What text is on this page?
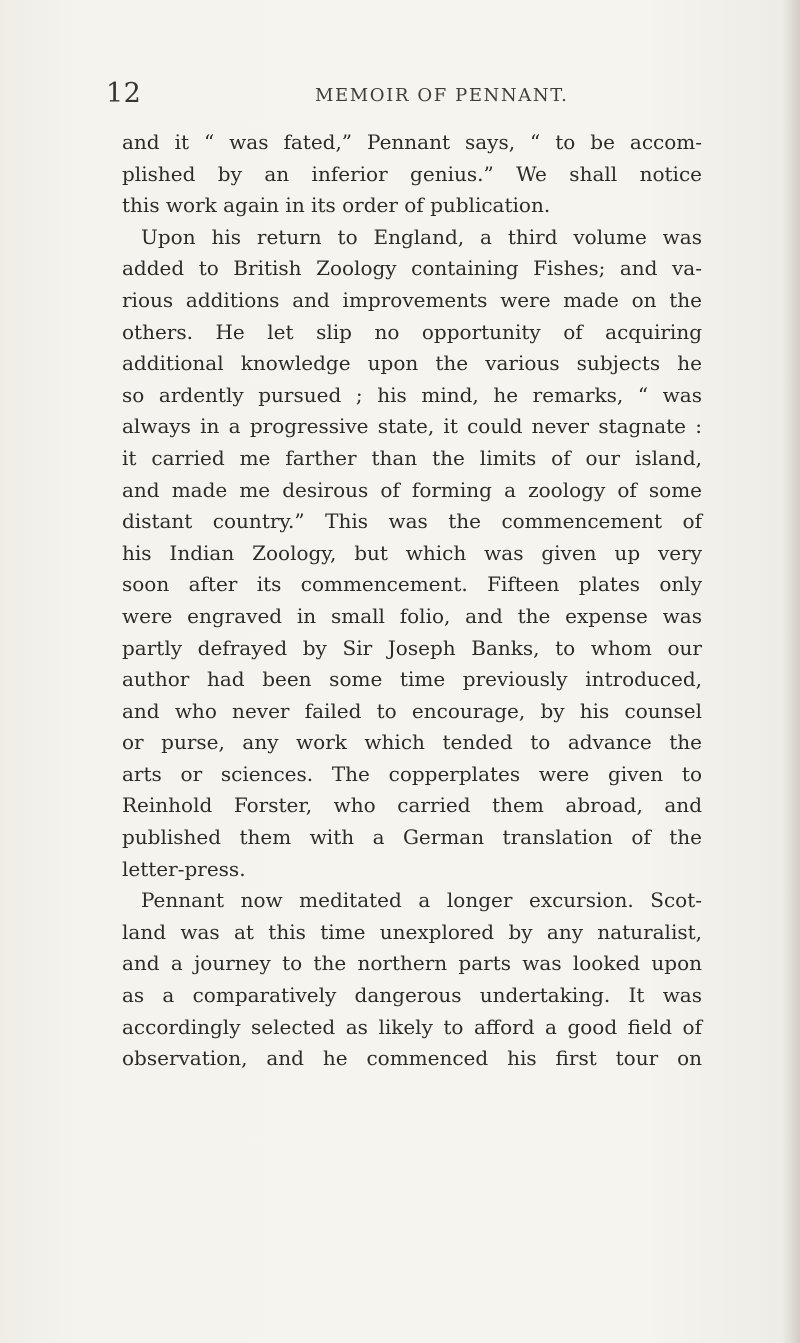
12	MEMOIR OF PENNANT.
and it “ was fated,” Pennant says, “ to be accom-
plished by an inferior genius.” We shall notice
this work again in its order of publication.
Upon his return to England, a third volume was
added to British Zoology containing Fishes; and va-
rious additions and improvements were made on the
others. He let slip no opportunity of acquiring
additional knowledge upon the various subjects he
so ardently pursued ; his mind, he remarks, “ was
always in a progressive state, it could never stagnate :
it carried me farther than the limits of our island,
and made me desirous of forming a zoology of some
distant country.” This was the commencement of
his Indian Zoology, but which was given up very
soon after its commencement. Fifteen plates only
were engraved in small folio, and the expense was
partly defrayed by Sir Joseph Banks, to whom our
author had been some time previously introduced,
and who never failed to encourage, by his counsel
or purse, any work which tended to advance the
arts or sciences. The copperplates were given to
Reinhold Forster, who carried them abroad, and
published them with a German translation of the
letter-press.
Pennant now meditated a longer excursion. Scot-
land was at this time unexplored by any naturalist,
and a journey to the northern parts was looked upon
as a comparatively dangerous undertaking. It was
accordingly selected as likely to afford a good field of
observation, and he commenced his first tour on
